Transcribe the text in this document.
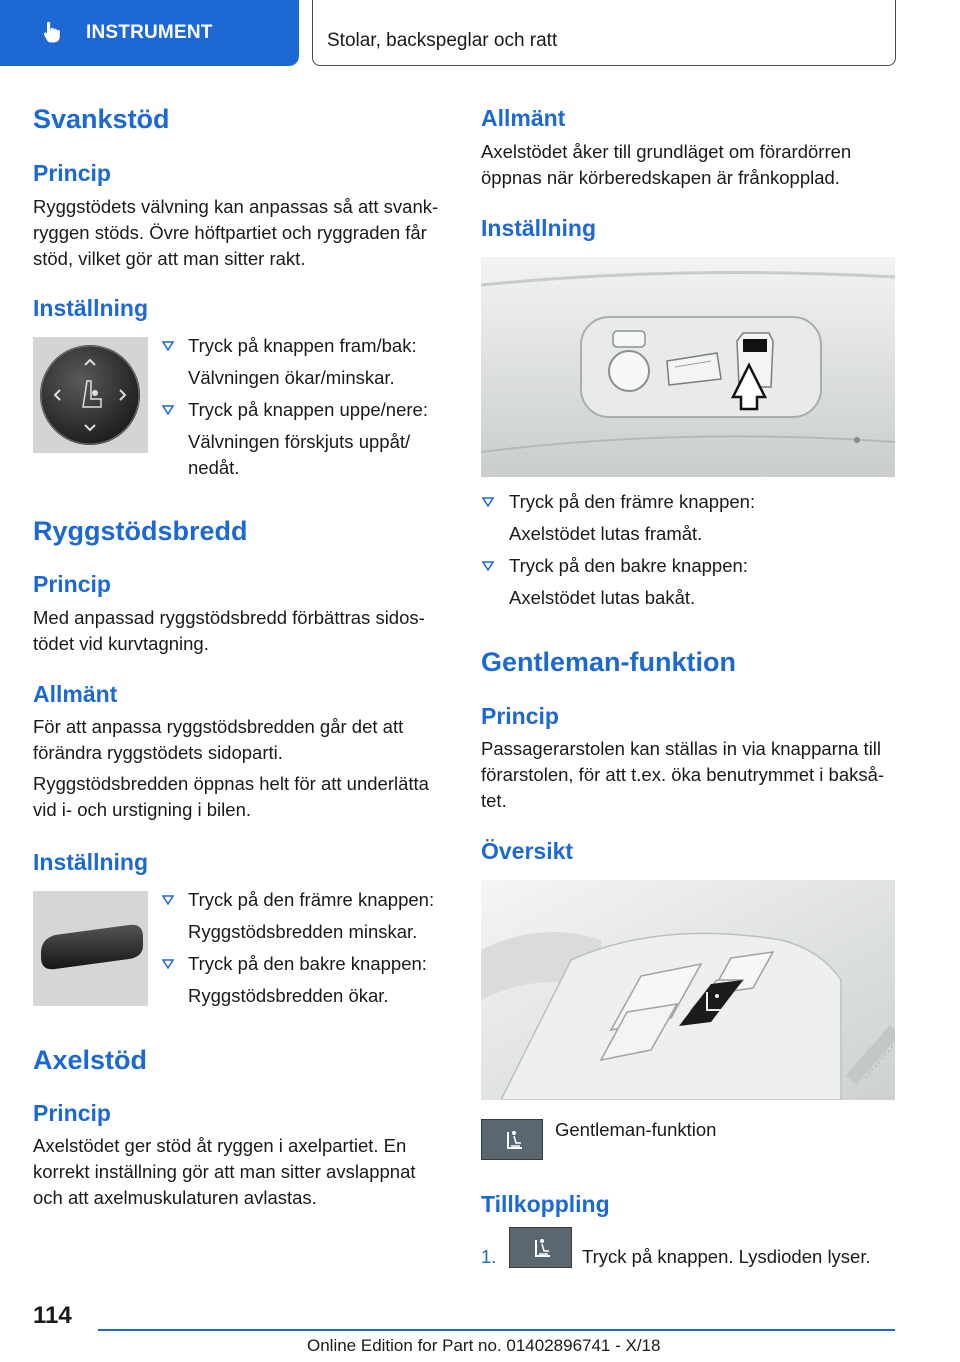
INSTRUMENT	Stolar, backspeglar och ratt
Svankstöd
Princip
Ryggstödets välvning kan anpassas så att svank-
ryggen stöds. Övre höftpartiet och ryggraden får
stöd, vilket gör att man sitter rakt.
Inställning
Tryck på knappen fram/bak:
Välvningen ökar/minskar.
Tryck på knappen uppe/nere:
Välvningen förskjuts uppåt/
nedåt.
Ryggstödsbredd
Princip
Med anpassad ryggstödsbredd förbättras sidos-
tödet vid kurvtagning.
Allmänt
För att anpassa ryggstödsbredden går det att
förändra ryggstödets sidoparti.
Ryggstödsbredden öppnas helt för att underlätta
vid i- och urstigning i bilen.
Inställning
Tryck på den främre knappen:
Ryggstödsbredden minskar.
Tryck på den bakre knappen:
Ryggstödsbredden ökar.
Axelstöd
Princip
Axelstödet ger stöd åt ryggen i axelpartiet. En
korrekt inställning gör att man sitter avslappnat
och att axelmuskulaturen avlastas.
Allmänt
Axelstödet åker till grundläget om förardörren
öppnas när körberedskapen är frånkopplad.
Inställning
Tryck på den främre knappen:
Axelstödet lutas framåt.
Tryck på den bakre knappen:
Axelstödet lutas bakåt.
Gentleman-funktion
Princip
Passagerarstolen kan ställas in via knapparna till
förarstolen, för att t.ex. öka benutrymmet i bakså-
tet.
Översikt
Gentleman-funktion
Tillkoppling
1.	Tryck på knappen. Lysdioden lyser.
114
Online Edition for Part no. 01402896741 - X/18
